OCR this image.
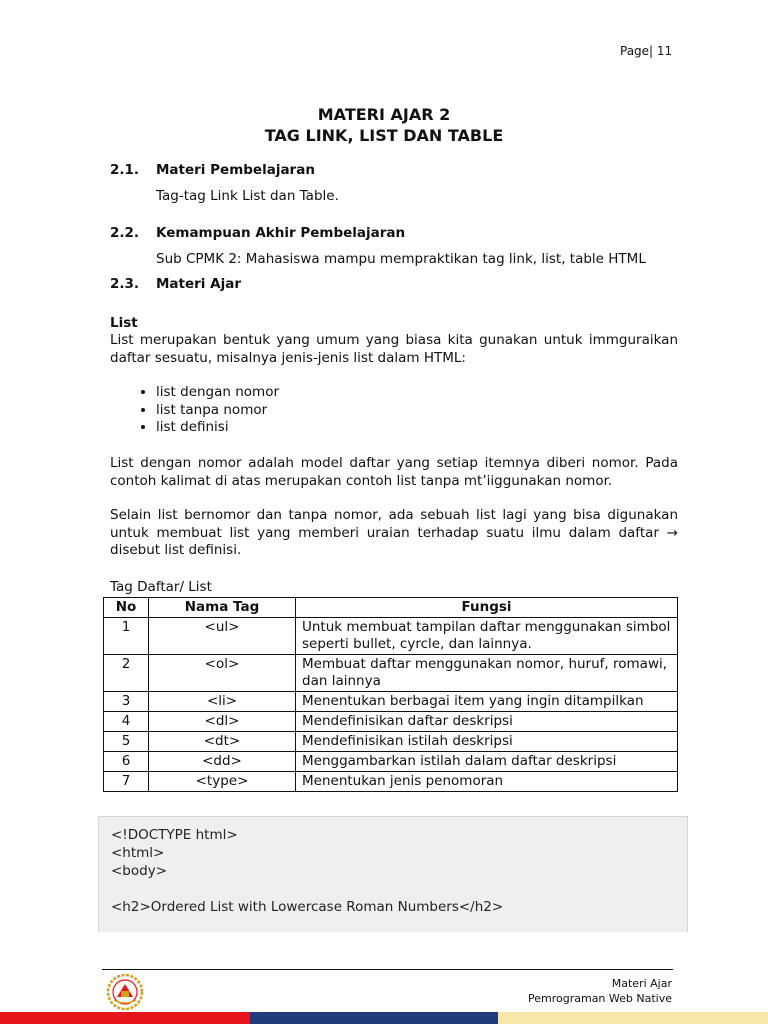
Page| 11
MATERI AJAR 2
TAG LINK, LIST DAN TABLE
2.1. Materi Pembelajaran
Tag-tag Link List dan Table.
2.2. Kemampuan Akhir Pembelajaran
Sub CPMK 2: Mahasiswa mampu mempraktikan tag link, list, table HTML
2.3. Materi Ajar
List
List merupakan bentuk yang umum yang biasa kita gunakan untuk immguraikan daftar sesuatu, misalnya jenis-jenis list dalam HTML:
• list dengan nomor
• list tanpa nomor
• list definisi
List dengan nomor adalah model daftar yang setiap itemnya diberi nomor. Pada contoh kalimat di atas merupakan contoh list tanpa mt’iiggunakan nomor.
Selain list bernomor dan tanpa nomor, ada sebuah list lagi yang bisa digunakan untuk membuat list yang memberi uraian terhadap suatu ilmu dalam daftar → disebut list definisi.
Tag Daftar/ List
No	Nama Tag	Fungsi
1	<ul>	Untuk membuat tampilan daftar menggunakan simbol seperti bullet, cyrcle, dan lainnya.
2	<ol>	Membuat daftar menggunakan nomor, huruf, romawi, dan lainnya
3	<li>	Menentukan berbagai item yang ingin ditampilkan
4	<dl>	Mendefinisikan daftar deskripsi
5	<dt>	Mendefinisikan istilah deskripsi
6	<dd>	Menggambarkan istilah dalam daftar deskripsi
7	<type>	Menentukan jenis penomoran
<!DOCTYPE html>
<html>
<body>
<h2>Ordered List with Lowercase Roman Numbers</h2>
Materi Ajar
Pemrograman Web Native
